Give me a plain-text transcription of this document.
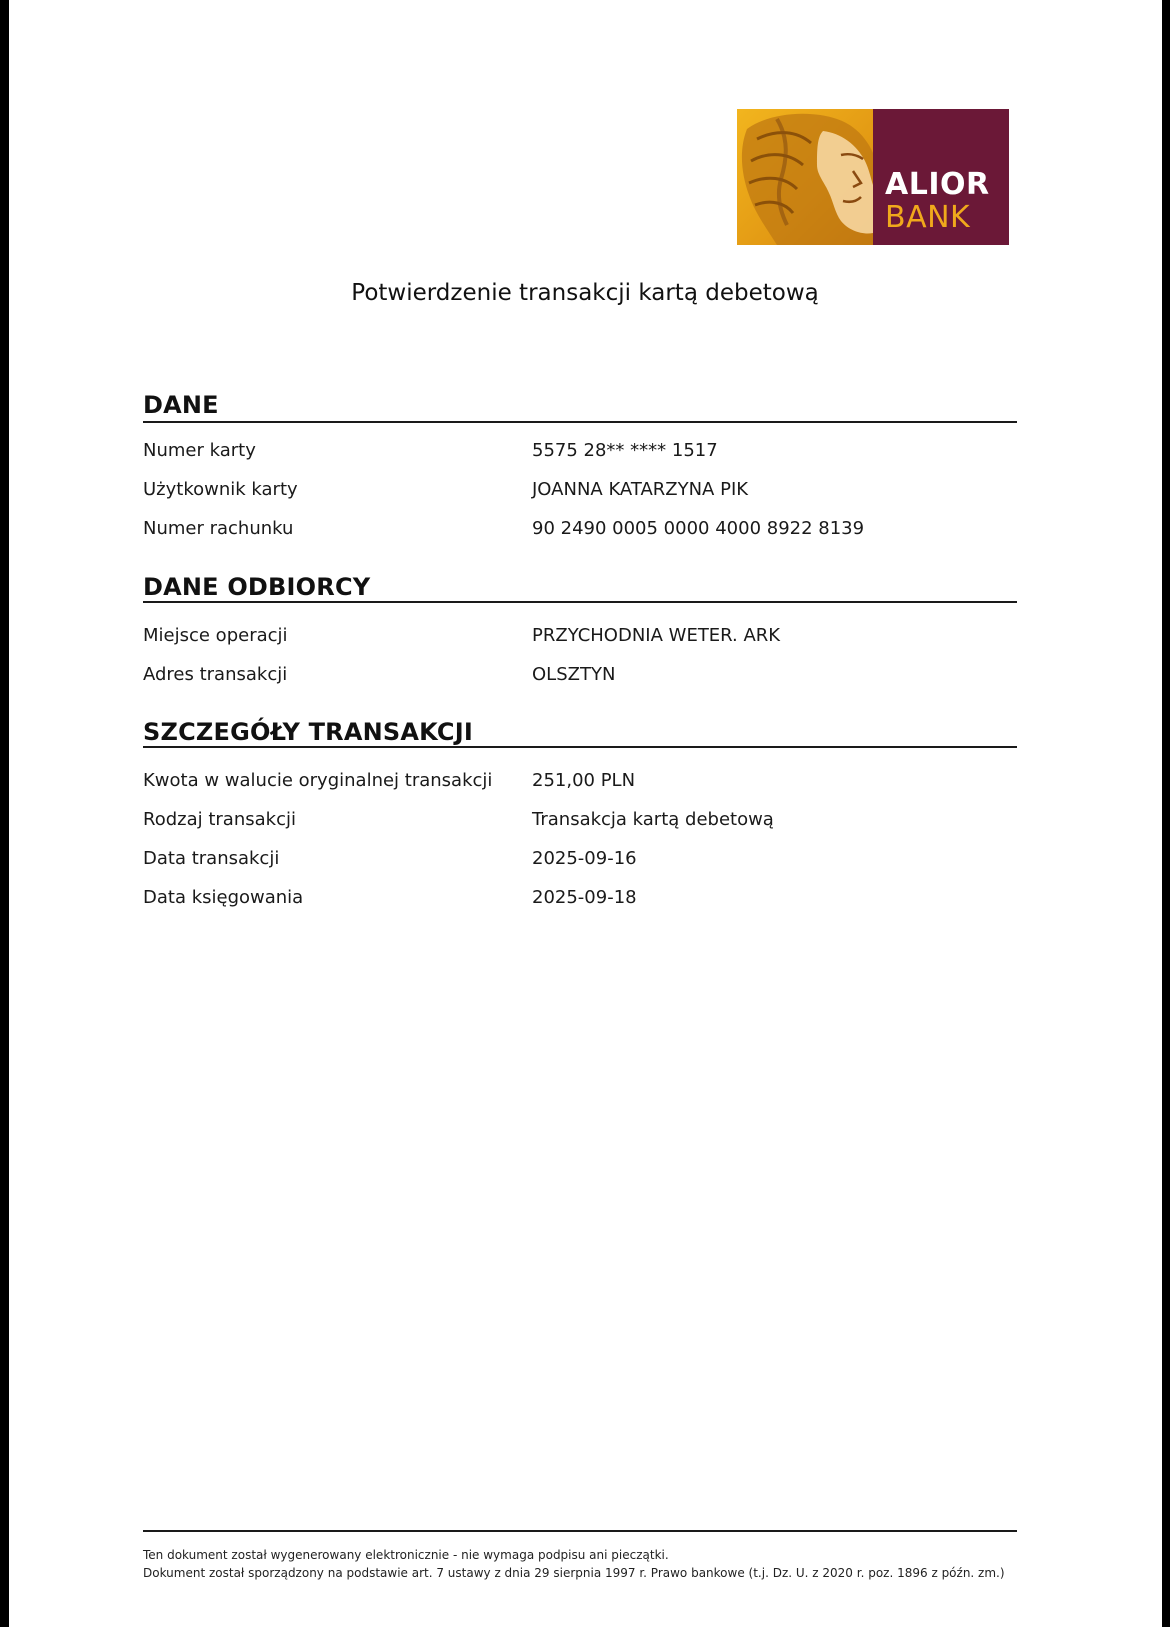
ALIOR
BANK
Potwierdzenie transakcji kartą debetową
DANE
Numer karty	5575 28** **** 1517
Użytkownik karty	JOANNA KATARZYNA PIK
Numer rachunku	90 2490 0005 0000 4000 8922 8139
DANE ODBIORCY
Miejsce operacji	PRZYCHODNIA WETER. ARK
Adres transakcji	OLSZTYN
SZCZEGÓŁY TRANSAKCJI
Kwota w walucie oryginalnej transakcji 251,00 PLN
Rodzaj transakcji	Transakcja kartą debetową
Data transakcji	2025-09-16
Data księgowania	2025-09-18
Ten dokument został wygenerowany elektronicznie - nie wymaga podpisu ani pieczątki.
Dokument został sporządzony na podstawie art. 7 ustawy z dnia 29 sierpnia 1997 r. Prawo bankowe (t.j. Dz. U. z 2020 r. poz. 1896 z późn. zm.)
